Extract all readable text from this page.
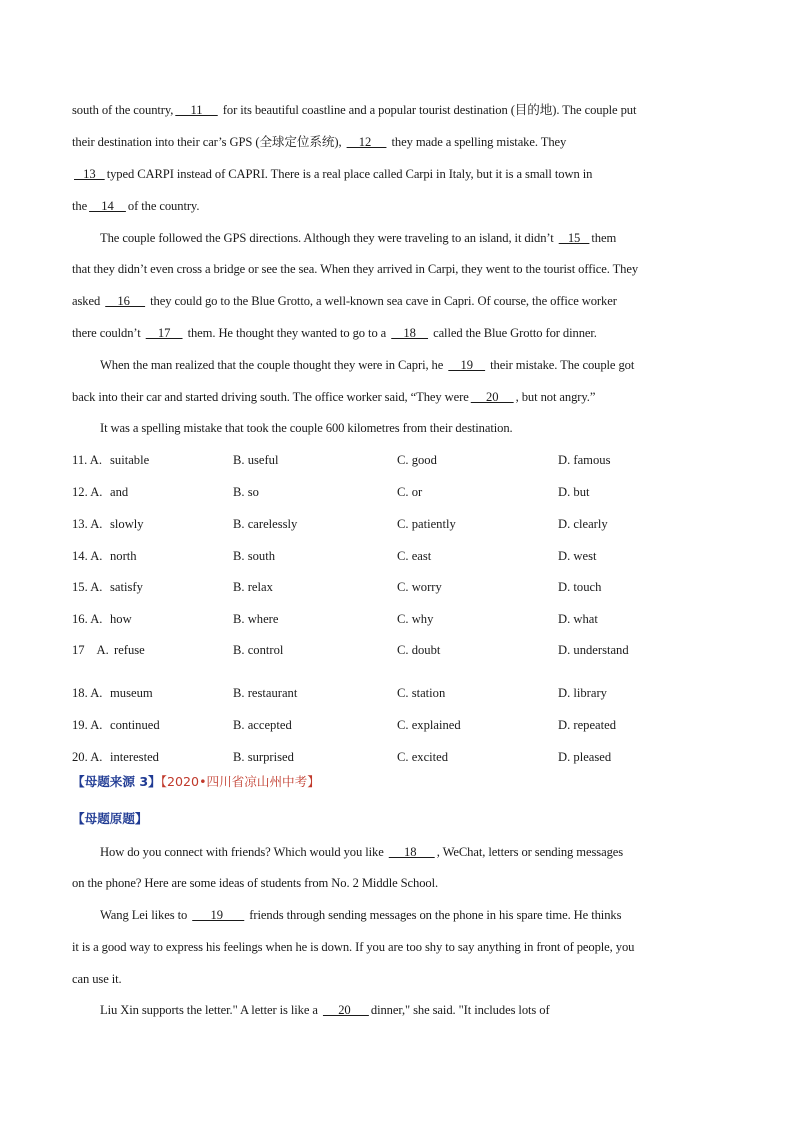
south of the country,     11      for its beautiful coastline and a popular tourist destination (目的地). The couple put
their destination into their car’s GPS (全球定位系统),     12      they made a spelling mistake. They
13   typed CARPI instead of CAPRI. There is a real place called Carpi in Italy, but it is a small town in
the    14    of the country.
The couple followed the GPS directions. Although they were traveling to an island, it didn’t    15   them
that they didn’t even cross a bridge or see the sea. When they arrived in Carpi, they went to the tourist office. They
asked     16      they could go to the Blue Grotto, a well-known sea cave in Capri. Of course, the office worker
there couldn’t     17     them. He thought they wanted to go to a     18     called the Blue Grotto for dinner.
When the man realized that the couple thought they were in Capri, he     19     their mistake. The couple got
back into their car and started driving south. The office worker said, “They were     20     , but not angry.”
It was a spelling mistake that took the couple 600 kilometres from their destination.
11. A. suitable	B. useful	C. good	D. famous
12. A. and	B. so	C. or	D. but
13. A. slowly	B. carelessly	C. patiently	D. clearly
14. A. north	B. south	C. east	D. west
15. A. satisfy	B. relax	C. worry	D. touch
16. A. how	B. where	C. why	D. what
17    A. refuse	B. control	C. doubt	D. understand
18. A. museum	B. restaurant	C. station	D. library
19. A. continued	B. accepted	C. explained	D. repeated
20. A. interested	B. surprised	C. excited	D. pleased
【母题来源 3】【2020•四川省凉山州中考】
【母题原题】
How do you connect with friends? Which would you like      18      , WeChat, letters or sending messages
on the phone? Here are some ideas of students from No. 2 Middle School.
Wang Lei likes to       19        friends through sending messages on the phone in his spare time. He thinks
it is a good way to express his feelings when he is down. If you are too shy to say anything in front of people, you
can use it.
Liu Xin supports the letter." A letter is like a      20      dinner," she said. "It includes lots of
